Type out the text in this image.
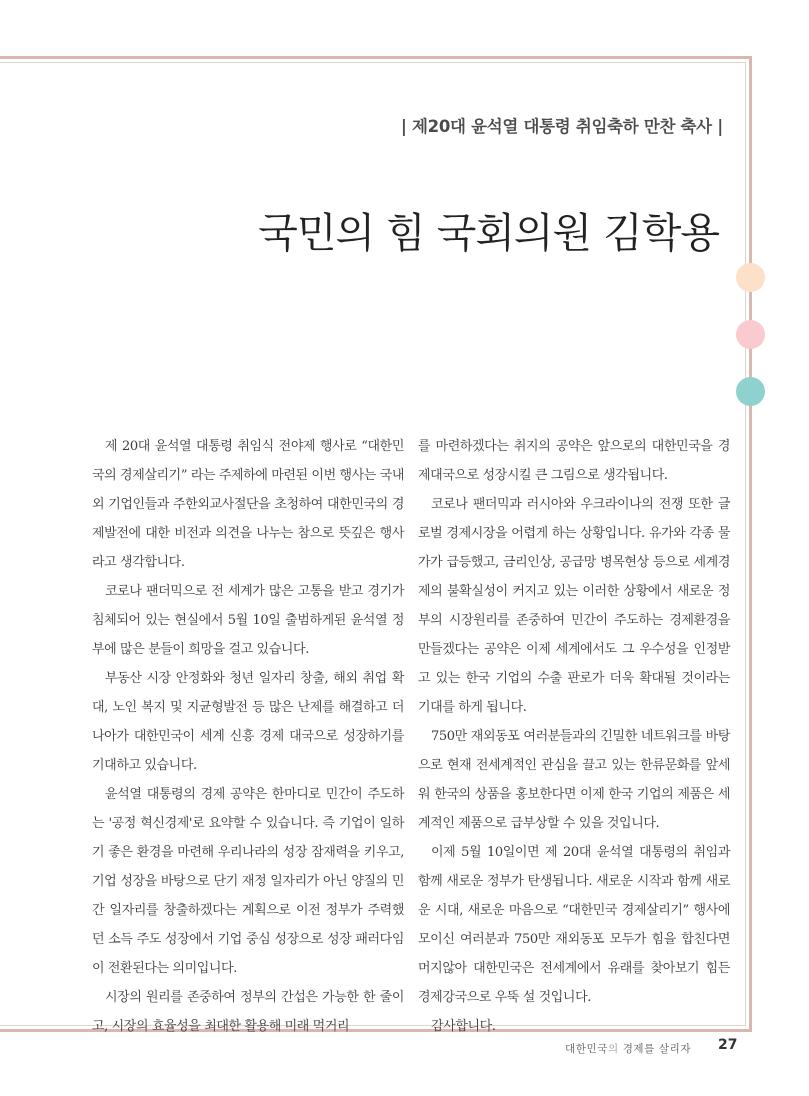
| 제20대 윤석열 대통령 취임축하 만찬 축사 |
국민의 힘 국회의원 김학용

제 20대 윤석열 대통령 취임식 전야제 행사로 “대한민국의 경제살리기” 라는 주제하에 마련된 이번 행사는 국내외 기업인들과 주한외교사절단을 초청하여 대한민국의 경제발전에 대한 비전과 의견을 나누는 참으로 뜻깊은 행사라고 생각합니다.

코로나 팬더믹으로 전 세계가 많은 고통을 받고 경기가 침체되어 있는 현실에서 5월 10일 출범하게된 윤석열 정부에 많은 분들이 희망을 걸고 있습니다.

부동산 시장 안정화와 청년 일자리 창출, 해외 취업 확대, 노인 복지 및 지균형발전 등 많은 난제를 해결하고 더 나아가 대한민국이 세계 신흥 경제 대국으로 성장하기를 기대하고 있습니다.

윤석열 대통령의 경제 공약은 한마디로 민간이 주도하는 '공정 혁신경제'로 요약할 수 있습니다. 즉 기업이 일하기 좋은 환경을 마련해 우리나라의 성장 잠재력을 키우고, 기업 성장을 바탕으로 단기 재정 일자리가 아닌 양질의 민간 일자리를 창출하겠다는 계획으로 이전 정부가 주력했던 소득 주도 성장에서 기업 중심 성장으로 성장 패러다임이 전환된다는 의미입니다.

시장의 원리를 존중하여 정부의 간섭은 가능한 한 줄이고, 시장의 효율성을 최대한 활용해 미래 먹거리

를 마련하겠다는 취지의 공약은 앞으로의 대한민국을 경제대국으로 성장시킬 큰 그림으로 생각됩니다.

코로나 팬더믹과 러시아와 우크라이나의 전쟁 또한 글로벌 경제시장을 어렵게 하는 상황입니다. 유가와 각종 물가가 급등했고, 금리인상, 공급망 병목현상 등으로 세계경제의 불확실성이 커지고 있는 이러한 상황에서 새로운 정부의 시장원리를 존중하여 민간이 주도하는 경제환경을 만들겠다는 공약은 이제 세계에서도 그 우수성을 인정받고 있는 한국 기업의 수출 판로가 더욱 확대될 것이라는 기대를 하게 됩니다.

750만 재외동포 여러분들과의 긴밀한 네트워크를 바탕으로 현재 전세계적인 관심을 끌고 있는 한류문화를 앞세워 한국의 상품을 홍보한다면 이제 한국 기업의 제품은 세계적인 제품으로 급부상할 수 있을 것입니다.

이제 5월 10일이면 제 20대 윤석열 대통령의 취임과 함께 새로운 정부가 탄생됩니다. 새로운 시작과 함께 새로운 시대, 새로운 마음으로 “대한민국 경제살리기” 행사에 모이신 여러분과 750만 재외동포 모두가 힘을 합친다면 머지않아 대한민국은 전세계에서 유래를 찾아보기 힘든 경제강국으로 우뚝 설 것입니다.

감사합니다.

대한민국의 경제를 살리자 27
